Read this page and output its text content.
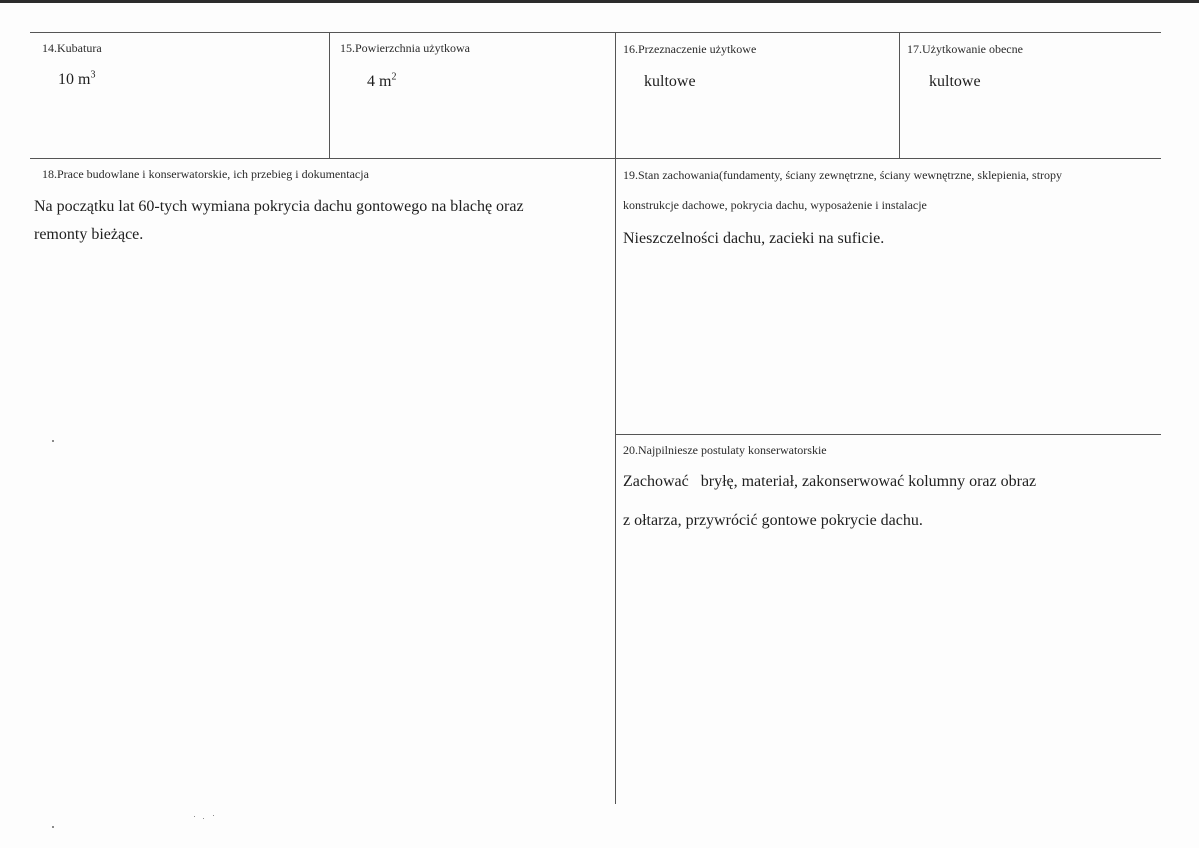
14.Kubatura
10 $m^3$
15.Powierzchnia użytkowa
4 $m^2$
16.Przeznaczenie użytkowe
kultowe
17.Użytkowanie obecne
kultowe
18.Prace budowlane i konserwatorskie, ich przebieg i dokumentacja
Na początku lat 60-tych wymiana pokrycia dachu gontowego na blachę oraz
remonty bieżące.
19.Stan zachowania(fundamenty, ściany zewnętrzne, ściany wewnętrzne, sklepienia, stropy
konstrukcje dachowe, pokrycia dachu, wyposażenie i instalacje
Nieszczelności dachu, zacieki na suficie.
20.Najpilniesze postulaty konserwatorskie
Zachować   bryłę, materiał, zakonserwować kolumny oraz obraz
z ołtarza, przywrócić gontowe pokrycie dachu.
